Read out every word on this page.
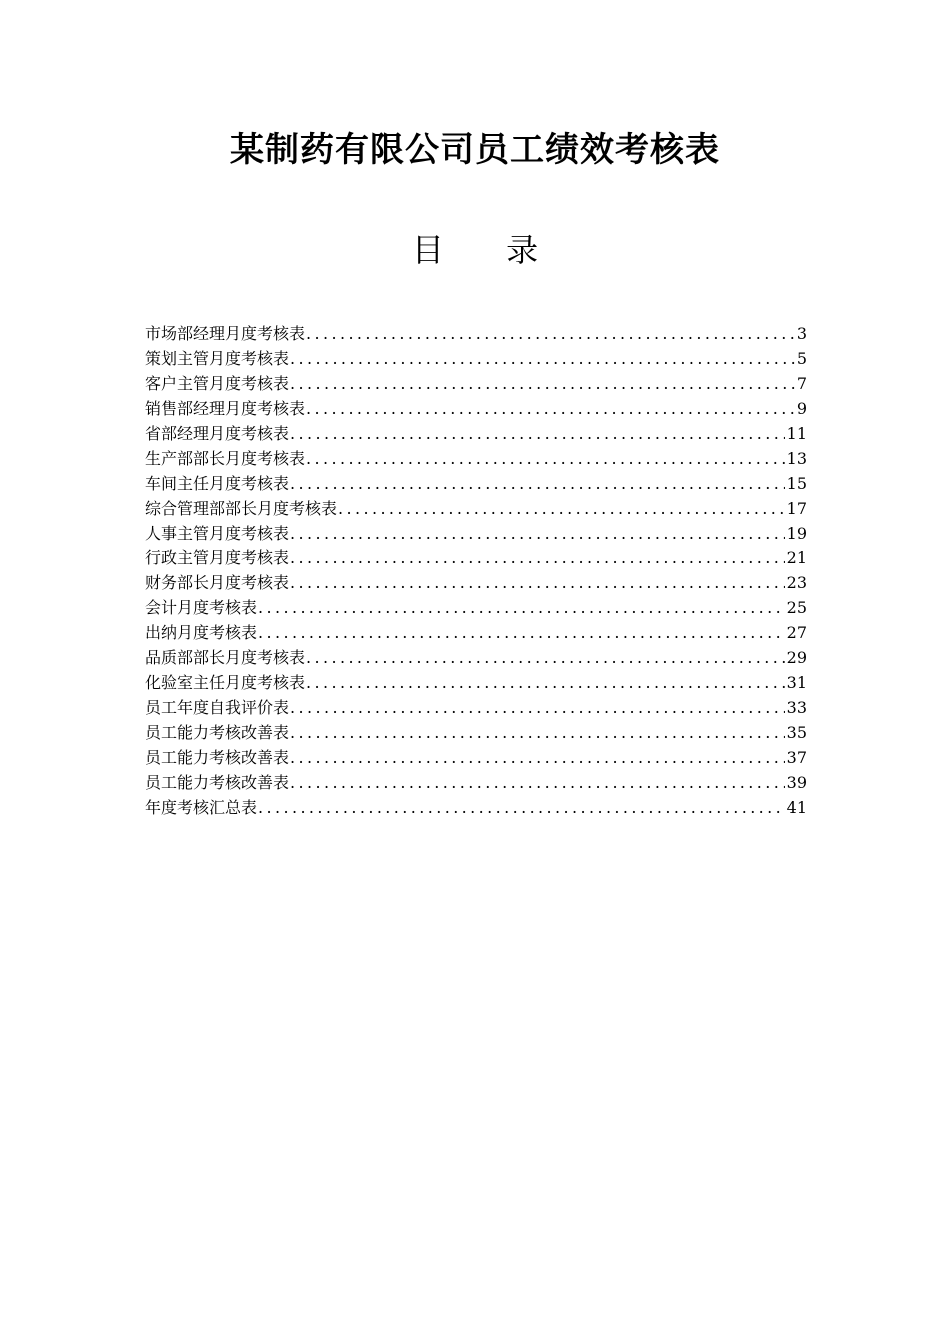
某制药有限公司员工绩效考核表
目 录
市场部经理月度考核表 .....	3
策划主管月度考核表 .....	5
客户主管月度考核表 .....	7
销售部经理月度考核表 .....	9
省部经理月度考核表 .....	11
生产部部长月度考核表 .....	13
车间主任月度考核表 .....	15
综合管理部部长月度考核表 .....	17
人事主管月度考核表 .....	19
行政主管月度考核表 .....	21
财务部长月度考核表 .....	23
会计月度考核表 .....	25
出纳月度考核表 .....	27
品质部部长月度考核表 .....	29
化验室主任月度考核表 .....	31
员工年度自我评价表 .....	33
员工能力考核改善表 .....	35
员工能力考核改善表 .....	37
员工能力考核改善表 .....	39
年度考核汇总表 .....	41
